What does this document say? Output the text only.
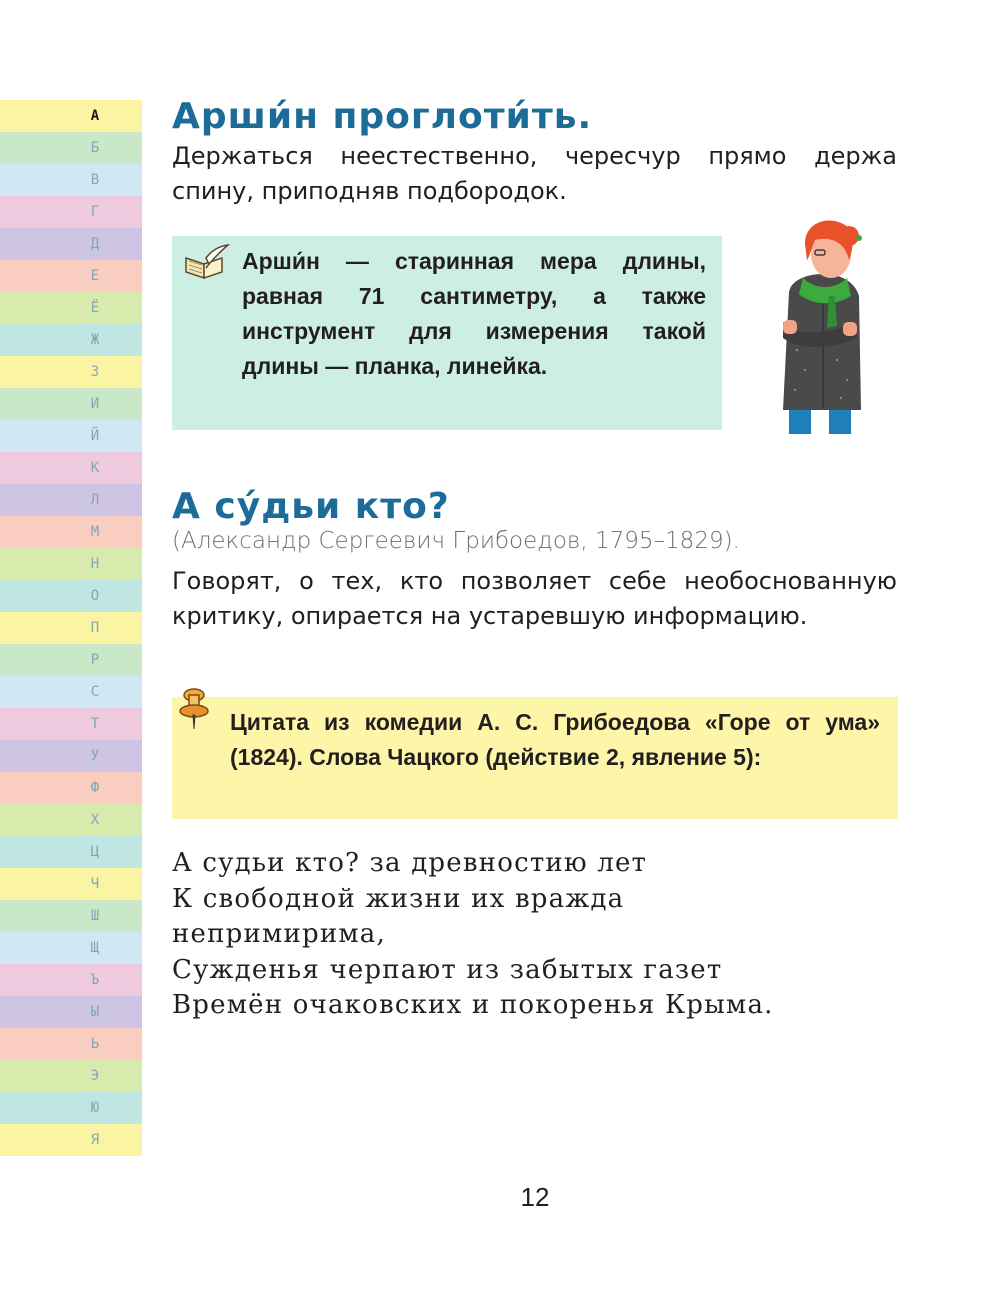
А
Б
В
Г
Д
Е
Ё
Ж
З
И
Й
К
Л
М
Н
О
П
Р
С
Т
У
Ф
Х
Ц
Ч
Ш
Щ
Ъ
Ы
Ь
Э
Ю
Я
Арши́н проглоти́ть.

Держаться неестественно, чересчур прямо держа спину, приподняв подбородок.

Арши́н — старинная мера длины, равная 71 сантиметру, а также инструмент для измерения такой длины — планка, линейка.

А су́дьи кто?

(Александр Сергеевич Грибоедов, 1795–1829).

Говорят, о тех, кто позволяет себе необоснованную критику, опирается на устаревшую информацию.

Цитата из комедии А. С. Грибоедова «Горе от ума» (1824). Слова Чацкого (действие 2, явление 5):

А судьи кто? за древностию лет
К свободной жизни их вражда
непримирима,
Сужденья черпают из забытых газет
Времён очаковских и покоренья Крыма.

12
